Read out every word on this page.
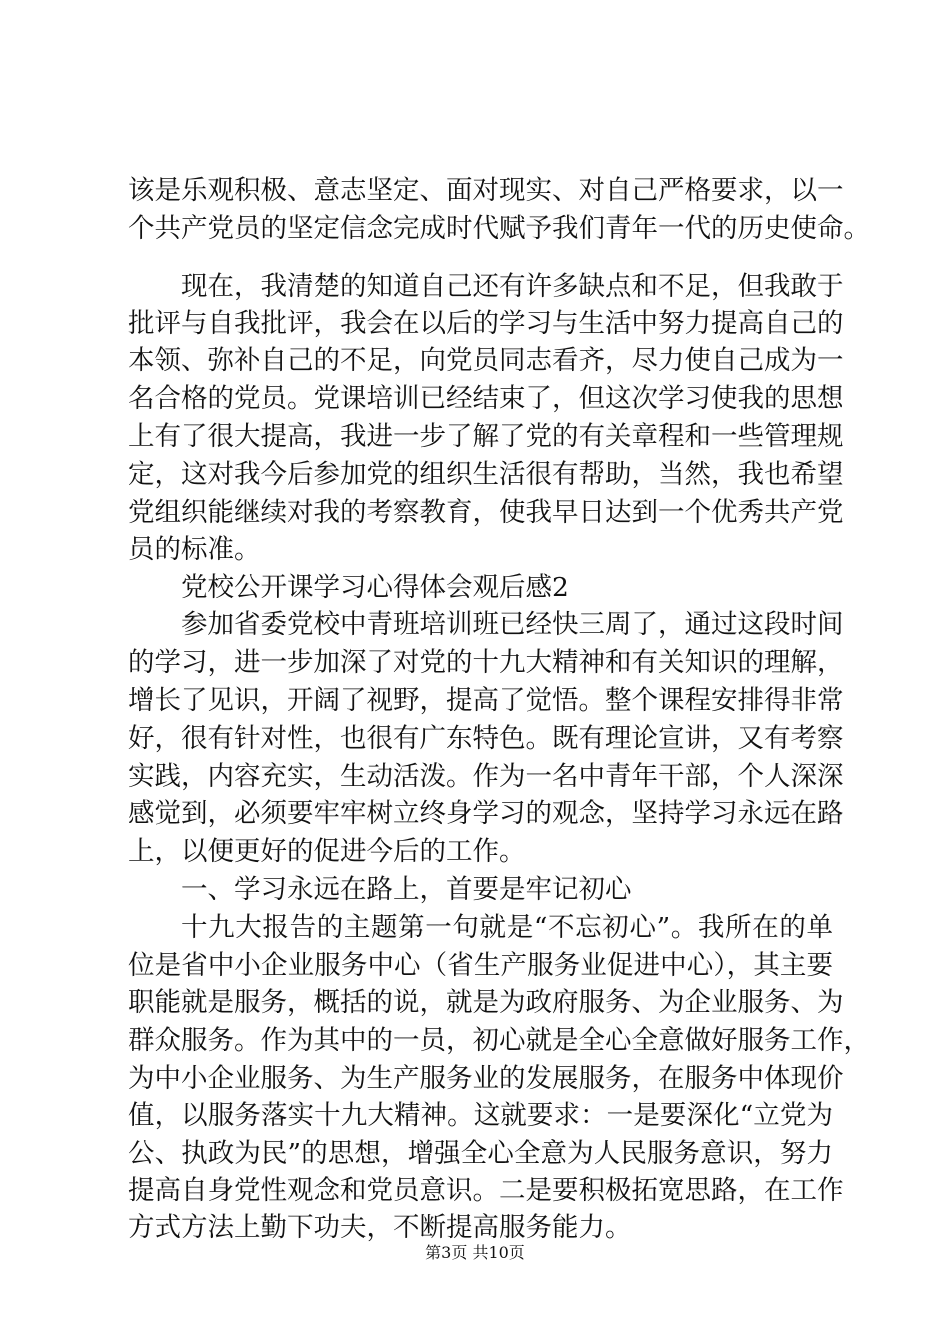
该是乐观积极、意志坚定、面对现实、对自己严格要求，以一
个共产党员的坚定信念完成时代赋予我们青年一代的历史使命。
现在，我清楚的知道自己还有许多缺点和不足，但我敢于
批评与自我批评，我会在以后的学习与生活中努力提高自己的
本领、弥补自己的不足，向党员同志看齐，尽力使自己成为一
名合格的党员。党课培训已经结束了，但这次学习使我的思想
上有了很大提高，我进一步了解了党的有关章程和一些管理规
定，这对我今后参加党的组织生活很有帮助，当然，我也希望
党组织能继续对我的考察教育，使我早日达到一个优秀共产党
员的标准。
党校公开课学习心得体会观后感2
参加省委党校中青班培训班已经快三周了，通过这段时间
的学习，进一步加深了对党的十九大精神和有关知识的理解，
增长了见识，开阔了视野，提高了觉悟。整个课程安排得非常
好，很有针对性，也很有广东特色。既有理论宣讲，又有考察
实践，内容充实，生动活泼。作为一名中青年干部，个人深深
感觉到，必须要牢牢树立终身学习的观念，坚持学习永远在路
上，以便更好的促进今后的工作。
一、学习永远在路上，首要是牢记初心
十九大报告的主题第一句就是“不忘初心”。我所在的单
位是省中小企业服务中心（省生产服务业促进中心），其主要
职能就是服务，概括的说，就是为政府服务、为企业服务、为
群众服务。作为其中的一员，初心就是全心全意做好服务工作，
为中小企业服务、为生产服务业的发展服务，在服务中体现价
值，以服务落实十九大精神。这就要求：一是要深化“立党为
公、执政为民”的思想，增强全心全意为人民服务意识，努力
提高自身党性观念和党员意识。二是要积极拓宽思路，在工作
方式方法上勤下功夫，不断提高服务能力。
第3页 共10页
